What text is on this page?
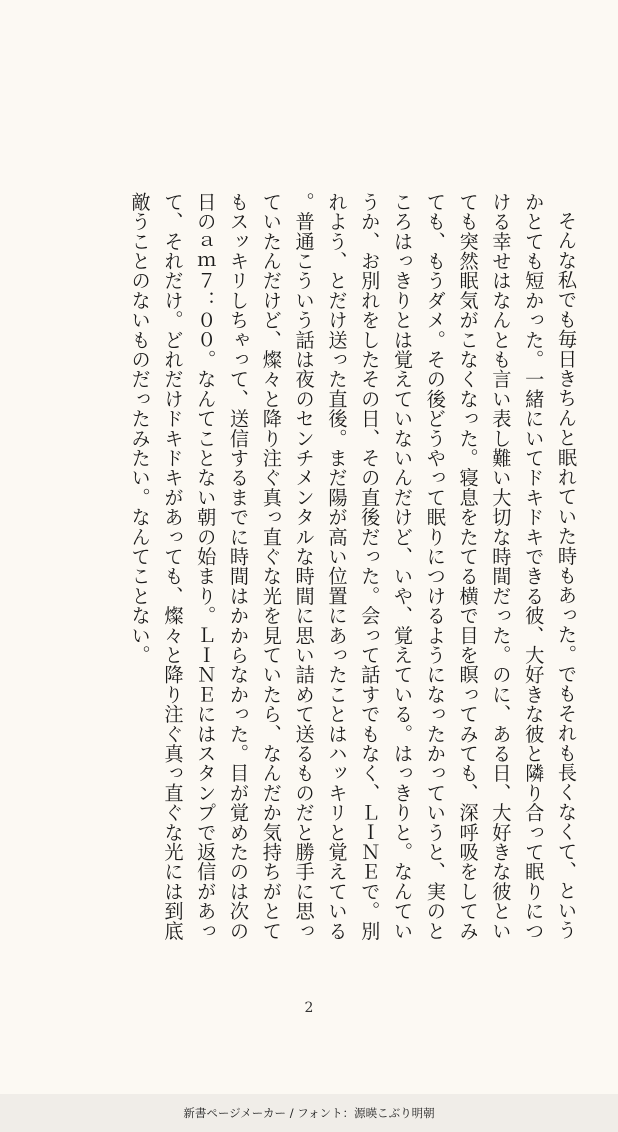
そんな私でも毎日きちんと眠れていた時もあった。でもそれも長くなくて、というかとても短かった。一緒にいてドキドキできる彼、大好きな彼と隣り合って眠りにつける幸せはなんとも言い表し難い大切な時間だった。のに、ある日、大好きな彼といても突然眠気がこなくなった。寝息をたてる横で目を瞑ってみても、深呼吸をしてみても、もうダメ。その後どうやって眠りにつけるようになったかっていうと、実のところはっきりとは覚えていないんだけど、いや、覚えている。はっきりと。なんていうか、お別れをしたその日、その直後だった。会って話すでもなく、ＬＩＮＥで。別れよう、とだけ送った直後。まだ陽が高い位置にあったことはハッキリと覚えている。普通こういう話は夜のセンチメンタルな時間に思い詰めて送るものだと勝手に思っていたんだけど、燦々と降り注ぐ真っ直ぐな光を見ていたら、なんだか気持ちがとてもスッキリしちゃって、送信するまでに時間はかからなかった。目が覚めたのは次の日のａｍ７：００。なんてことない朝の始まり。ＬＩＮＥにはスタンプで返信があって、それだけ。どれだけドキドキがあっても、燦々と降り注ぐ真っ直ぐな光には到底敵うことのないものだったみたい。なんてことない。
2
新書ページメーカー / フォント：源暎こぶり明朝
